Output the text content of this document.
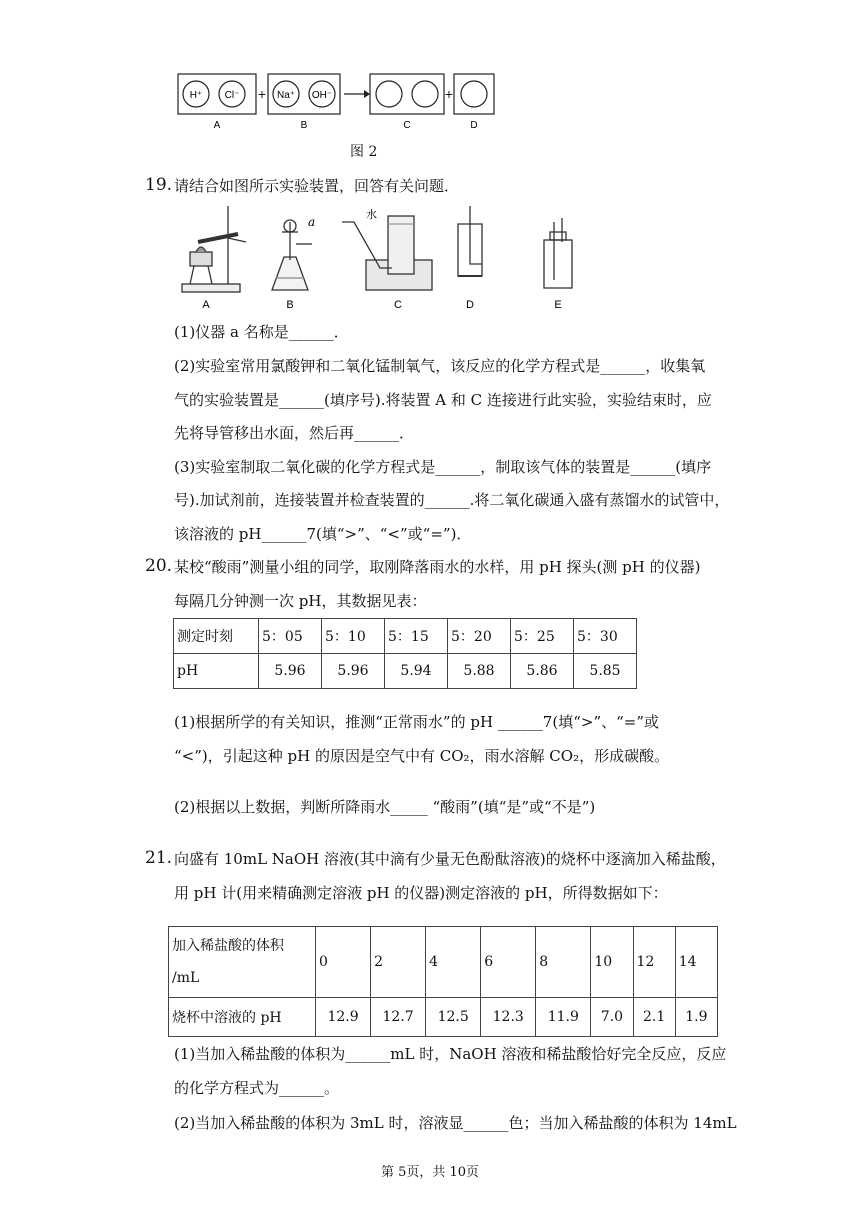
H⁺ Cl⁻	Na⁺ OH⁻
+	+
A	B	C	D
图 2
19. 请结合如图所示实验装置，回答有关问题．
a
水
A	B	C	D	E
(1)仪器 a 名称是______．
(2)实验室常用氯酸钾和二氧化锰制氧气，该反应的化学方程式是______，收集氧
气的实验装置是______(填序号).将装置 A 和 C 连接进行此实验，实验结束时，应
先将导管移出水面，然后再______．
(3)实验室制取二氧化碳的化学方程式是______，制取该气体的装置是______(填序
号).加试剂前，连接装置并检查装置的______.将二氧化碳通入盛有蒸馏水的试管中，
该溶液的 pH______7(填“>”、“<”或“=”)．
20. 某校“酸雨”测量小组的同学，取刚降落雨水的水样，用 pH 探头(测 pH 的仪器)
每隔几分钟测一次 pH，其数据见表：
测定时刻	5：05	5：10	5：15	5：20	5：25	5：30
pH	5.96	5.96	5.94	5.88	5.86	5.85
(1)根据所学的有关知识，推测“正常雨水”的 pH ______7(填“>”、“=”或
“<”)，引起这种 pH 的原因是空气中有 CO₂，雨水溶解 CO₂，形成碳酸。
(2)根据以上数据，判断所降雨水_____ “酸雨”(填“是”或“不是”)
21. 向盛有 10mL NaOH 溶液(其中滴有少量无色酚酞溶液)的烧杯中逐滴加入稀盐酸，
用 pH 计(用来精确测定溶液 pH 的仪器)测定溶液的 pH，所得数据如下：
加入稀盐酸的体积
/mL	0	2	4	6	8	10	12	14
烧杯中溶液的 pH	12.9	12.7	12.5	12.3	11.9	7.0	2.1	1.9
(1)当加入稀盐酸的体积为______mL 时，NaOH 溶液和稀盐酸恰好完全反应，反应
的化学方程式为______。
(2)当加入稀盐酸的体积为 3mL 时，溶液显______色；当加入稀盐酸的体积为 14mL
第 5页，共 10页
